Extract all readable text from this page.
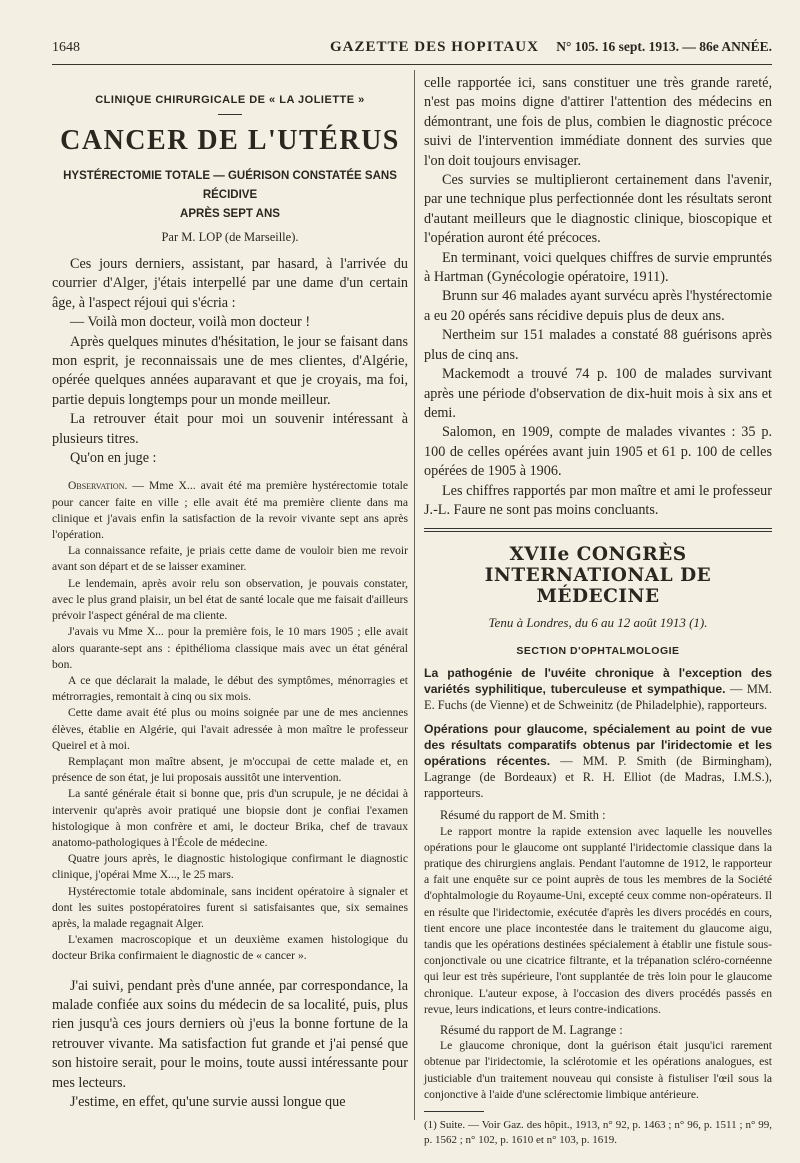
1648	GAZETTE DES HOPITAUX N° 105. 16 sept. 1913. — 86e ANNÉE.
CLINIQUE CHIRURGICALE DE « LA JOLIETTE »
CANCER DE L'UTÉRUS
HYSTÉRECTOMIE TOTALE — GUÉRISON CONSTATÉE SANS RÉCIDIVE
APRÈS SEPT ANS
Par M. LOP (de Marseille).

Ces jours derniers, assistant, par hasard, à l'arrivée du courrier d'Alger, j'étais interpellé par une dame d'un certain âge, à l'aspect réjoui qui s'écria :

— Voilà mon docteur, voilà mon docteur !

Après quelques minutes d'hésitation, le jour se faisant dans mon esprit, je reconnaissais une de mes clientes, d'Algérie, opérée quelques années auparavant et que je croyais, ma foi, partie depuis longtemps pour un monde meilleur.

La retrouver était pour moi un souvenir intéressant à plusieurs titres.

Qu'on en juge :

Observation. — Mme X... avait été ma première hystérectomie totale pour cancer faite en ville ; elle avait été ma première cliente dans ma clinique et j'avais enfin la satisfaction de la revoir vivante sept ans après l'opération.

La connaissance refaite, je priais cette dame de vouloir bien me revoir avant son départ et de se laisser examiner.

Le lendemain, après avoir relu son observation, je pouvais constater, avec le plus grand plaisir, un bel état de santé locale que me faisait d'ailleurs prévoir l'aspect général de ma cliente.

J'avais vu Mme X... pour la première fois, le 10 mars 1905 ; elle avait alors quarante-sept ans : épithélioma classique mais avec un état général bon.

A ce que déclarait la malade, le début des symptômes, ménorragies et métrorragies, remontait à cinq ou six mois.

Cette dame avait été plus ou moins soignée par une de mes anciennes élèves, établie en Algérie, qui l'avait adressée à mon maître le professeur Queirel et à moi.

Remplaçant mon maître absent, je m'occupai de cette malade et, en présence de son état, je lui proposais aussitôt une intervention.

La santé générale était si bonne que, pris d'un scrupule, je ne décidai à intervenir qu'après avoir pratiqué une biopsie dont je confiai l'examen histologique à mon confrère et ami, le docteur Brika, chef de travaux anatomo-pathologiques à l'École de médecine.

Quatre jours après, le diagnostic histologique confirmant le diagnostic clinique, j'opérai Mme X..., le 25 mars.

Hystérectomie totale abdominale, sans incident opératoire à signaler et dont les suites postopératoires furent si satisfaisantes que, six semaines après, la malade regagnait Alger.

L'examen macroscopique et un deuxième examen histologique du docteur Brika confirmaient le diagnostic de « cancer ».

J'ai suivi, pendant près d'une année, par correspondance, la malade confiée aux soins du médecin de sa localité, puis, plus rien jusqu'à ces jours derniers où j'eus la bonne fortune de la retrouver vivante. Ma satisfaction fut grande et j'ai pensé que son histoire serait, pour le moins, toute aussi intéressante pour mes lecteurs.

J'estime, en effet, qu'une survie aussi longue que

celle rapportée ici, sans constituer une très grande rareté, n'est pas moins digne d'attirer l'attention des médecins en démontrant, une fois de plus, combien le diagnostic précoce suivi de l'intervention immédiate donnent des survies que l'on doit toujours envisager.

Ces survies se multiplieront certainement dans l'avenir, par une technique plus perfectionnée dont les résultats seront d'autant meilleurs que le diagnostic clinique, bioscopique et l'opération auront été précoces.

En terminant, voici quelques chiffres de survie empruntés à Hartman (Gynécologie opératoire, 1911).

Brunn sur 46 malades ayant survécu après l'hystérectomie a eu 20 opérés sans récidive depuis plus de deux ans.

Nertheim sur 151 malades a constaté 88 guérisons après plus de cinq ans.

Mackemodt a trouvé 74 p. 100 de malades survivant après une période d'observation de dix-huit mois à six ans et demi.

Salomon, en 1909, compte de malades vivantes : 35 p. 100 de celles opérées avant juin 1905 et 61 p. 100 de celles opérées de 1905 à 1906.

Les chiffres rapportés par mon maître et ami le professeur J.-L. Faure ne sont pas moins concluants.

XVIIe CONGRÈS INTERNATIONAL DE MÉDECINE
Tenu à Londres, du 6 au 12 août 1913 (1).
SECTION D'OPHTALMOLOGIE

La pathogénie de l'uvéite chronique à l'exception des variétés syphilitique, tuberculeuse et sympathique. — MM. E. Fuchs (de Vienne) et de Schweinitz (de Philadelphie), rapporteurs.

Opérations pour glaucome, spécialement au point de vue des résultats comparatifs obtenus par l'iridectomie et les opérations récentes. — MM. P. Smith (de Birmingham), Lagrange (de Bordeaux) et R. H. Elliot (de Madras, I.M.S.), rapporteurs.

Résumé du rapport de M. Smith :

Le rapport montre la rapide extension avec laquelle les nouvelles opérations pour le glaucome ont supplanté l'iridectomie classique dans la pratique des chirurgiens anglais. Pendant l'automne de 1912, le rapporteur a fait une enquête sur ce point auprès de tous les membres de la Société d'ophtalmologie du Royaume-Uni, excepté ceux comme non-opérateurs. Il en résulte que l'iridectomie, exécutée d'après les divers procédés en cours, tient encore une place incontestée dans le traitement du glaucome aigu, tandis que les opérations destinées spécialement à établir une fistule sous-conjonctivale ou une cicatrice filtrante, et la trépanation scléro-cornéenne qui leur est très supérieure, l'ont supplantée de très loin pour le glaucome chronique. L'auteur expose, à l'occasion des divers procédés passés en revue, leurs indications, et leurs contre-indications.

Résumé du rapport de M. Lagrange :

Le glaucome chronique, dont la guérison était jusqu'ici rarement obtenue par l'iridectomie, la sclérotomie et les opérations analogues, est justiciable d'un traitement nouveau qui consiste à fistuliser l'œil sous la conjonctive à l'aide d'une sclérectomie limbique antérieure.

(1) Suite. — Voir Gaz. des hôpit., 1913, n° 92, p. 1463 ; n° 96, p. 1511 ; n° 99, p. 1562 ; n° 102, p. 1610 et n° 103, p. 1619.
